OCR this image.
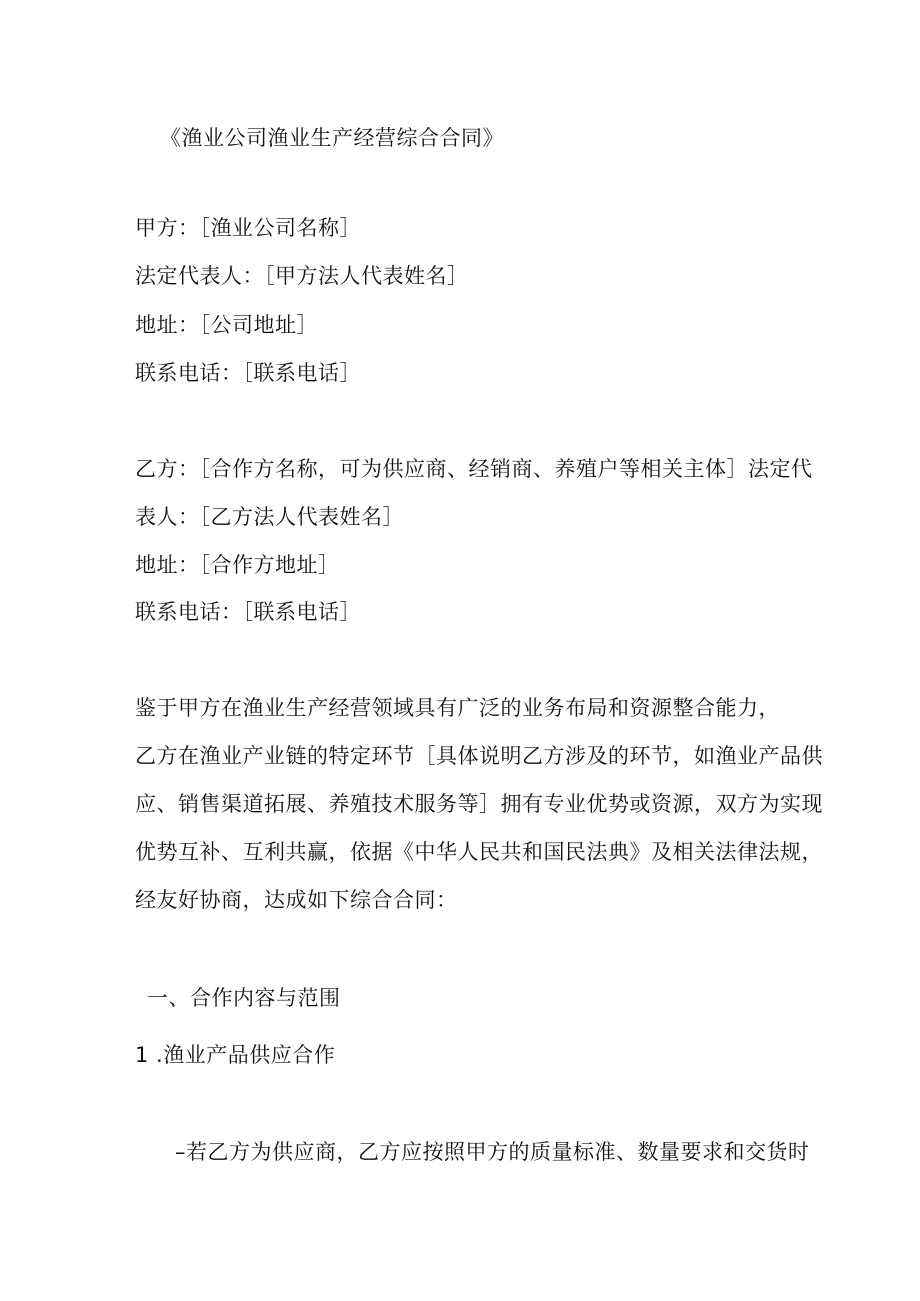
《渔业公司渔业生产经营综合合同》
甲方：［渔业公司名称］
法定代表人：［甲方法人代表姓名］
地址：［公司地址］
联系电话：［联系电话］
乙方：［合作方名称，可为供应商、经销商、养殖户等相关主体］法定代
表人：［乙方法人代表姓名］
地址：［合作方地址］
联系电话：［联系电话］
鉴于甲方在渔业生产经营领域具有广泛的业务布局和资源整合能力，
乙方在渔业产业链的特定环节［具体说明乙方涉及的环节，如渔业产品供
应、销售渠道拓展、养殖技术服务等］拥有专业优势或资源，双方为实现
优势互补、互利共赢，依据《中华人民共和国民法典》及相关法律法规，
经友好协商，达成如下综合合同：
一、合作内容与范围
1 .渔业产品供应合作
–若乙方为供应商，乙方应按照甲方的质量标准、数量要求和交货时
